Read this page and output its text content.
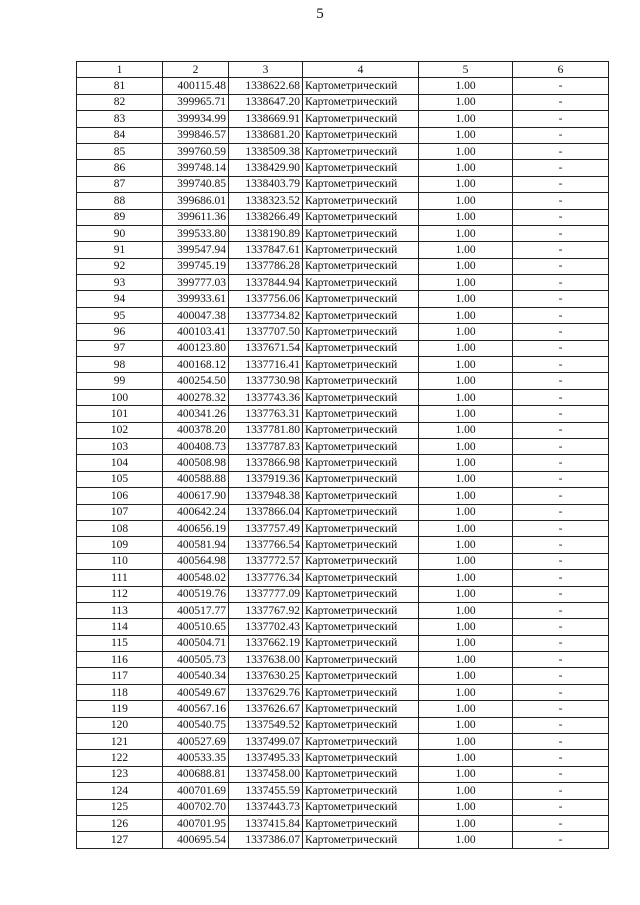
5
1	2	3	4	5	6
81	400115.48	1338622.68	Картометрический	1.00	-
82	399965.71	1338647.20	Картометрический	1.00	-
83	399934.99	1338669.91	Картометрический	1.00	-
84	399846.57	1338681.20	Картометрический	1.00	-
85	399760.59	1338509.38	Картометрический	1.00	-
86	399748.14	1338429.90	Картометрический	1.00	-
87	399740.85	1338403.79	Картометрический	1.00	-
88	399686.01	1338323.52	Картометрический	1.00	-
89	399611.36	1338266.49	Картометрический	1.00	-
90	399533.80	1338190.89	Картометрический	1.00	-
91	399547.94	1337847.61	Картометрический	1.00	-
92	399745.19	1337786.28	Картометрический	1.00	-
93	399777.03	1337844.94	Картометрический	1.00	-
94	399933.61	1337756.06	Картометрический	1.00	-
95	400047.38	1337734.82	Картометрический	1.00	-
96	400103.41	1337707.50	Картометрический	1.00	-
97	400123.80	1337671.54	Картометрический	1.00	-
98	400168.12	1337716.41	Картометрический	1.00	-
99	400254.50	1337730.98	Картометрический	1.00	-
100	400278.32	1337743.36	Картометрический	1.00	-
101	400341.26	1337763.31	Картометрический	1.00	-
102	400378.20	1337781.80	Картометрический	1.00	-
103	400408.73	1337787.83	Картометрический	1.00	-
104	400508.98	1337866.98	Картометрический	1.00	-
105	400588.88	1337919.36	Картометрический	1.00	-
106	400617.90	1337948.38	Картометрический	1.00	-
107	400642.24	1337866.04	Картометрический	1.00	-
108	400656.19	1337757.49	Картометрический	1.00	-
109	400581.94	1337766.54	Картометрический	1.00	-
110	400564.98	1337772.57	Картометрический	1.00	-
111	400548.02	1337776.34	Картометрический	1.00	-
112	400519.76	1337777.09	Картометрический	1.00	-
113	400517.77	1337767.92	Картометрический	1.00	-
114	400510.65	1337702.43	Картометрический	1.00	-
115	400504.71	1337662.19	Картометрический	1.00	-
116	400505.73	1337638.00	Картометрический	1.00	-
117	400540.34	1337630.25	Картометрический	1.00	-
118	400549.67	1337629.76	Картометрический	1.00	-
119	400567.16	1337626.67	Картометрический	1.00	-
120	400540.75	1337549.52	Картометрический	1.00	-
121	400527.69	1337499.07	Картометрический	1.00	-
122	400533.35	1337495.33	Картометрический	1.00	-
123	400688.81	1337458.00	Картометрический	1.00	-
124	400701.69	1337455.59	Картометрический	1.00	-
125	400702.70	1337443.73	Картометрический	1.00	-
126	400701.95	1337415.84	Картометрический	1.00	-
127	400695.54	1337386.07	Картометрический	1.00	-
